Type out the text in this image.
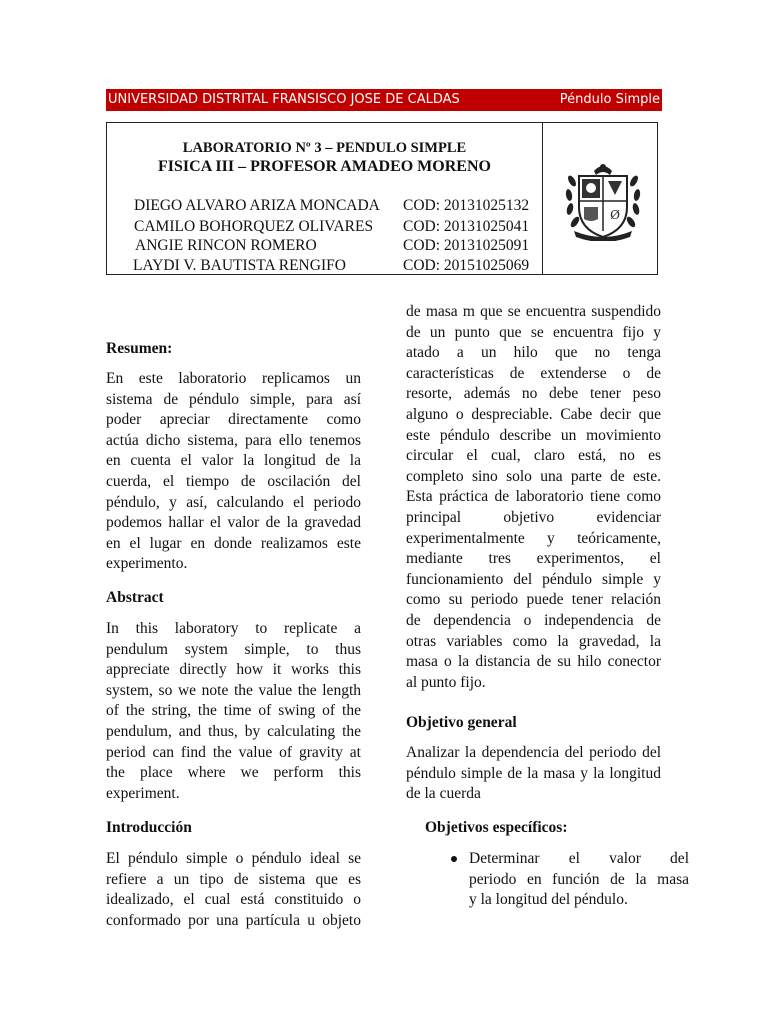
UNIVERSIDAD DISTRITAL FRANSISCO JOSE DE CALDAS	Péndulo Simple
LABORATORIO Nº 3 – PENDULO SIMPLE
FISICA III – PROFESOR AMADEO MORENO
DIEGO ALVARO ARIZA MONCADA COD: 20131025132
CAMILO BOHORQUEZ OLIVARES COD: 20131025041
ANGIE RINCON ROMERO	COD: 20131025091
LAYDI V. BAUTISTA RENGIFO	COD: 20151025069
Ø

Resumen:

En este laboratorio replicamos un
sistema de péndulo simple, para así
poder apreciar directamente como
actúa dicho sistema, para ello tenemos
en cuenta el valor la longitud de la
cuerda, el tiempo de oscilación del
péndulo, y así, calculando el periodo
podemos hallar el valor de la gravedad
en el lugar en donde realizamos este
experimento.

Abstract

In this laboratory to replicate a
pendulum system simple, to thus
appreciate directly how it works this
system, so we note the value the length
of the string, the time of swing of the
pendulum, and thus, by calculating the
period can find the value of gravity at
the place where we perform this
experiment.

Introducción

El péndulo simple o péndulo ideal se
refiere a un tipo de sistema que es
idealizado, el cual está constituido o
conformado por una partícula u objeto
de masa m que se encuentra suspendido
de un punto que se encuentra fijo y
atado a un hilo que no tenga
características de extenderse o de
resorte, además no debe tener peso
alguno o despreciable. Cabe decir que
este péndulo describe un movimiento
circular el cual, claro está, no es
completo sino solo una parte de este.
Esta práctica de laboratorio tiene como
principal objetivo evidenciar
experimentalmente y teóricamente,
mediante tres experimentos, el
funcionamiento del péndulo simple y
como su periodo puede tener relación
de dependencia o independencia de
otras variables como la gravedad, la
masa o la distancia de su hilo conector
al punto fijo.

Objetivo general

Analizar la dependencia del periodo del
péndulo simple de la masa y la longitud
de la cuerda

Objetivos específicos:

Determinar el valor del
periodo en función de la masa
y la longitud del péndulo.
